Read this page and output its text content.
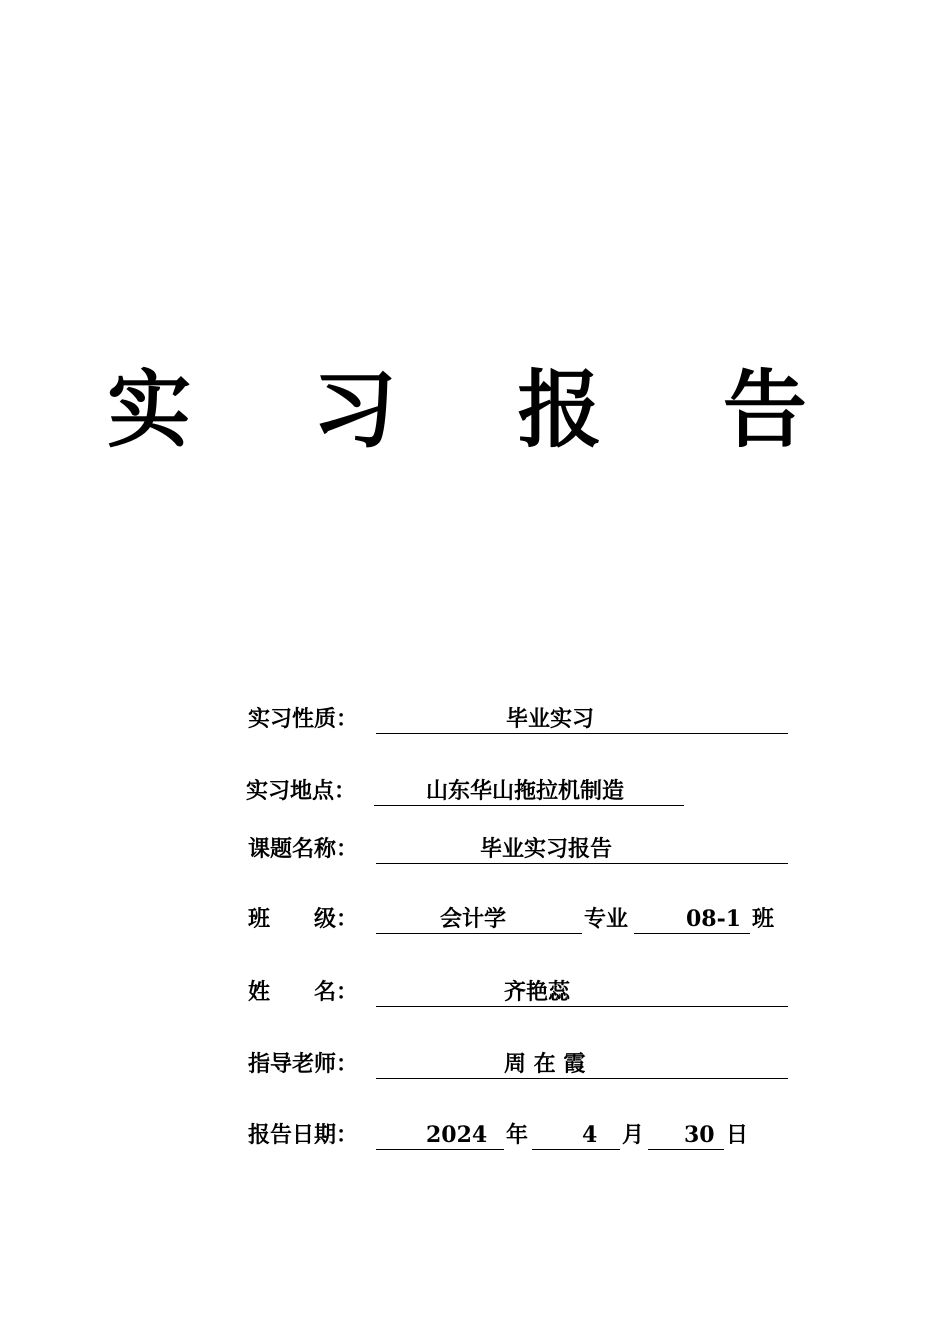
实 习 报 告
实习性质：	毕业实习
实习地点：	山东华山拖拉机制造
课题名称：	毕业实习报告
班　　级：	会计学	专业	08-1 班
姓　　名：	齐艳蕊
指导老师：	周 在 霞
报告日期：	2024 年 4 月 30 日
